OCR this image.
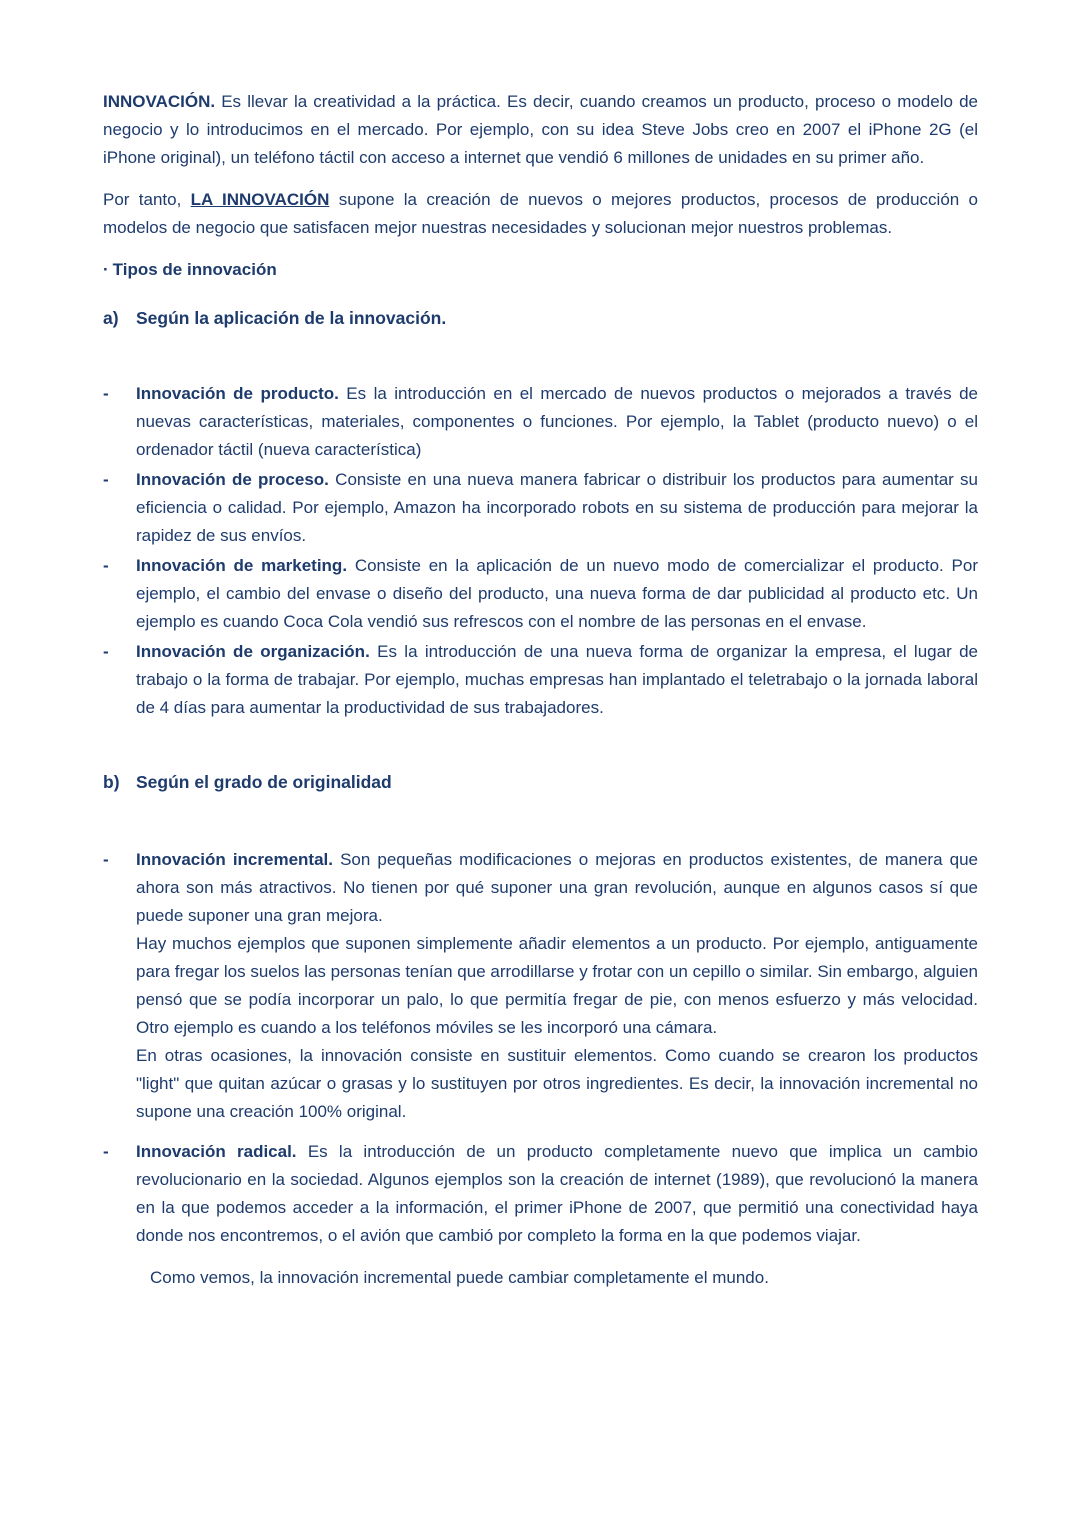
INNOVACIÓN. Es llevar la creatividad a la práctica. Es decir, cuando creamos un producto, proceso o modelo de negocio y lo introducimos en el mercado. Por ejemplo, con su idea Steve Jobs creo en 2007 el iPhone 2G (el iPhone original), un teléfono táctil con acceso a internet que vendió 6 millones de unidades en su primer año.

Por tanto, LA INNOVACIÓN supone la creación de nuevos o mejores productos, procesos de producción o modelos de negocio que satisfacen mejor nuestras necesidades y solucionan mejor nuestros problemas.

· Tipos de innovación

a) Según la aplicación de la innovación.
-	Innovación de producto. Es la introducción en el mercado de nuevos productos o mejorados a través de nuevas características, materiales, componentes o funciones. Por ejemplo, la Tablet (producto nuevo) o el ordenador táctil (nueva característica)

-	Innovación de proceso. Consiste en una nueva manera fabricar o distribuir los productos para aumentar su eficiencia o calidad. Por ejemplo, Amazon ha incorporado robots en su sistema de producción para mejorar la rapidez de sus envíos.

-	Innovación de marketing. Consiste en la aplicación de un nuevo modo de comercializar el producto. Por ejemplo, el cambio del envase o diseño del producto, una nueva forma de dar publicidad al producto etc. Un ejemplo es cuando Coca Cola vendió sus refrescos con el nombre de las personas en el envase.

-	Innovación de organización. Es la introducción de una nueva forma de organizar la empresa, el lugar de trabajo o la forma de trabajar. Por ejemplo, muchas empresas han implantado el teletrabajo o la jornada laboral de 4 días para aumentar la productividad de sus trabajadores.

b) Según el grado de originalidad
-	Innovación incremental. Son pequeñas modificaciones o mejoras en productos existentes, de manera que ahora son más atractivos. No tienen por qué suponer una gran revolución, aunque en algunos casos sí que puede suponer una gran mejora.

Hay muchos ejemplos que suponen simplemente añadir elementos a un producto. Por ejemplo, antiguamente para fregar los suelos las personas tenían que arrodillarse y frotar con un cepillo o similar. Sin embargo, alguien pensó que se podía incorporar un palo, lo que permitía fregar de pie, con menos esfuerzo y más velocidad. Otro ejemplo es cuando a los teléfonos móviles se les incorporó una cámara.

En otras ocasiones, la innovación consiste en sustituir elementos. Como cuando se crearon los productos "light" que quitan azúcar o grasas y lo sustituyen por otros ingredientes. Es decir, la innovación incremental no supone una creación 100% original.

-	Innovación radical. Es la introducción de un producto completamente nuevo que implica un cambio revolucionario en la sociedad. Algunos ejemplos son la creación de internet (1989), que revolucionó la manera en la que podemos acceder a la información, el primer iPhone de 2007, que permitió una conectividad haya donde nos encontremos, o el avión que cambió por completo la forma en la que podemos viajar.

Como vemos, la innovación incremental puede cambiar completamente el mundo.
